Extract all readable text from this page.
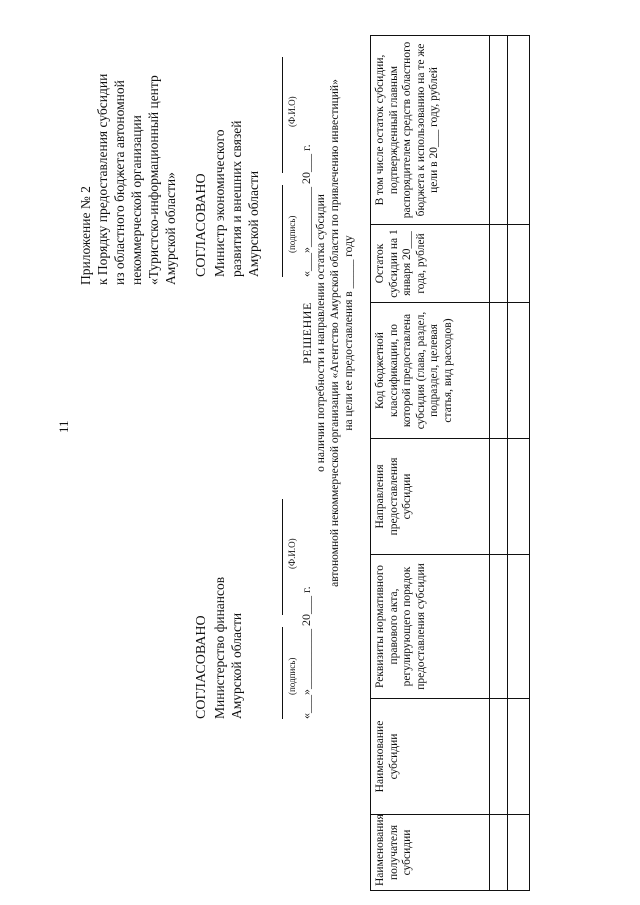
11
Приложение № 2 к Порядку предоставления субсидии из областного бюджета автономной некоммерческой организации «Туристско-информационный центр Амурской области» СОГЛАСОВАНО Министр экономического развития и внешних связей Амурской области	(подпись)
(Ф.И.О)
«___»__________ 20___ г.
СОГЛАСОВАНО Министерство финансов Амурской области	(подпись)
(Ф.И.О)
«___»__________ 20___ г.
РЕШЕНИЕ о наличии потребности и направлении остатка субсидии автономной некоммерческой организации «Агентство Амурской области по привлечению инвестиций» на цели ее предоставления в _____ году
Наименования получателя субсидии	Наименование субсидии	Реквизиты нормативного правового акта, регулирующего порядок предоставления субсидии	Направления предоставления субсидии	Код бюджетной классификации, по которой предоставлена субсидия (глава, раздел, подраздел, целевая статья, вид расходов)	Остаток субсидии на 1 января 20___ года, рублей	В том числе остаток субсидии, подтвержденный главным распорядителем средств областного бюджета к использованию на те же цели в 20___ году, рублей
